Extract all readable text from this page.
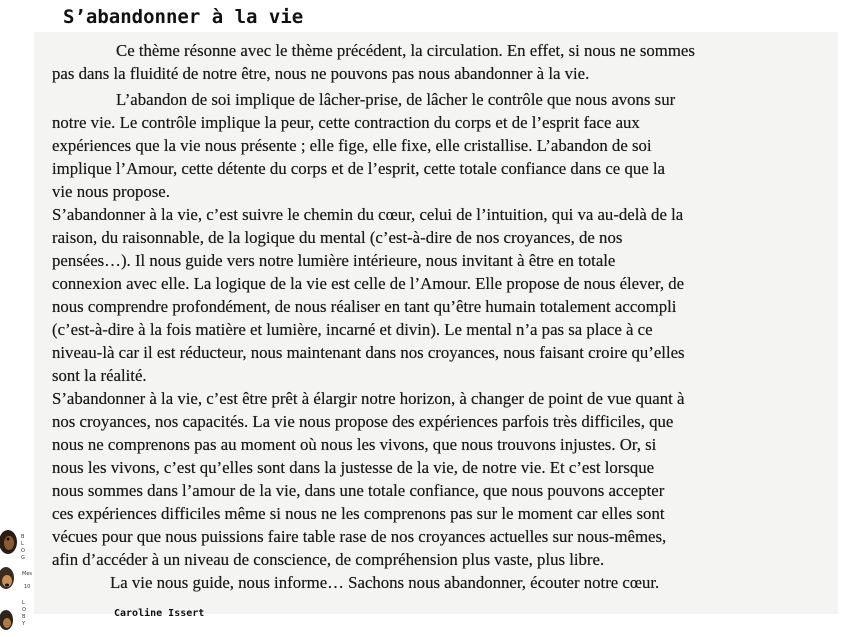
S’abandonner à la vie
Ce thème résonne avec le thème précédent, la circulation. En effet, si nous ne sommes
pas dans la fluidité de notre être, nous ne pouvons pas nous abandonner à la vie.
L’abandon de soi implique de lâcher-prise, de lâcher le contrôle que nous avons sur
notre vie. Le contrôle implique la peur, cette contraction du corps et de l’esprit face aux
expériences que la vie nous présente ; elle fige, elle fixe, elle cristallise. L’abandon de soi
implique l’Amour, cette détente du corps et de l’esprit, cette totale confiance dans ce que la
vie nous propose.
S’abandonner à la vie, c’est suivre le chemin du cœur, celui de l’intuition, qui va au-delà de la
raison, du raisonnable, de la logique du mental (c’est-à-dire de nos croyances, de nos
pensées…). Il nous guide vers notre lumière intérieure, nous invitant à être en totale
connexion avec elle. La logique de la vie est celle de l’Amour. Elle propose de nous élever, de
nous comprendre profondément, de nous réaliser en tant qu’être humain totalement accompli
(c’est-à-dire à la fois matière et lumière, incarné et divin). Le mental n’a pas sa place à ce
niveau-là car il est réducteur, nous maintenant dans nos croyances, nous faisant croire qu’elles
sont la réalité.
S’abandonner à la vie, c’est être prêt à élargir notre horizon, à changer de point de vue quant à
nos croyances, nos capacités. La vie nous propose des expériences parfois très difficiles, que
nous ne comprenons pas au moment où nous les vivons, que nous trouvons injustes. Or, si
nous les vivons, c’est qu’elles sont dans la justesse de la vie, de notre vie. Et c’est lorsque
nous sommes dans l’amour de la vie, dans une totale confiance, que nous pouvons accepter
ces expériences difficiles même si nous ne les comprenons pas sur le moment car elles sont
vécues pour que nous puissions faire table rase de nos croyances actuelles sur nous-mêmes,
afin d’accéder à un niveau de conscience, de compréhension plus vaste, plus libre.
La vie nous guide, nous informe… Sachons nous abandonner, écouter notre cœur.
Caroline Issert
B
L
O
G
Mes
10
L
O
B
Y
